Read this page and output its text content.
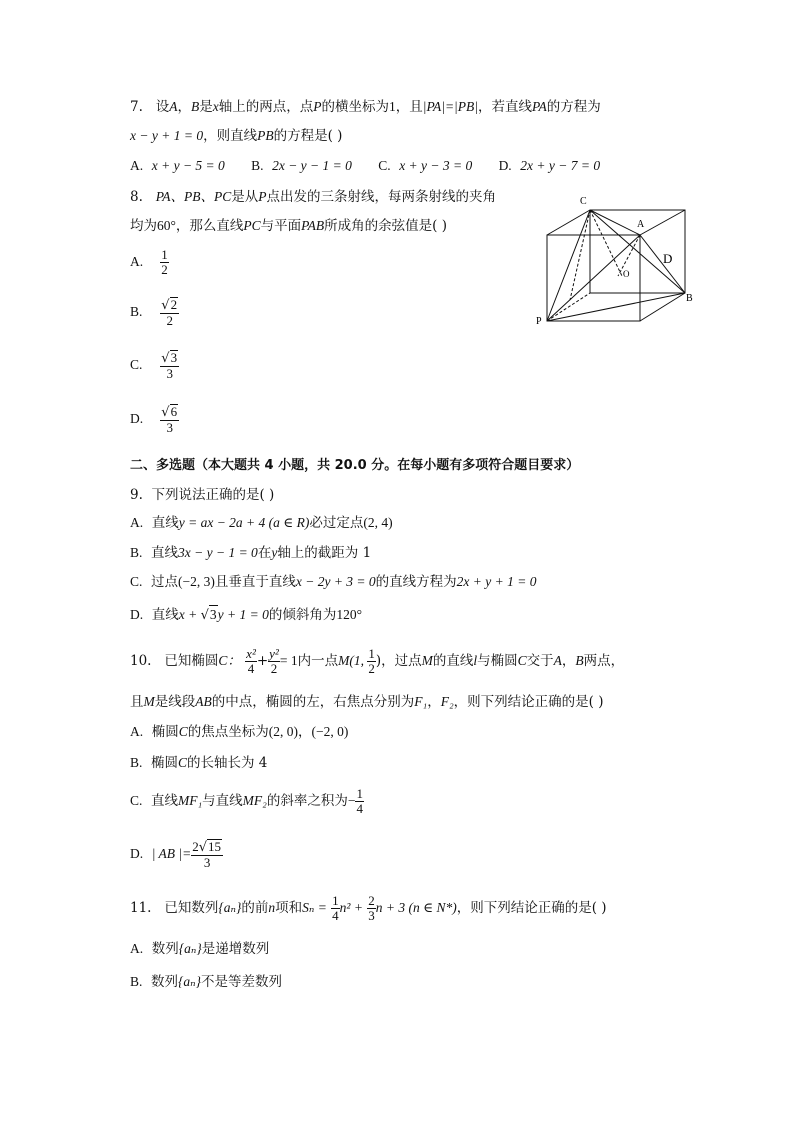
7. 设A，B是x轴上的两点，点P的横坐标为1，且|PA|=|PB|，若直线PA的方程为
x − y + 1 = 0，则直线PB的方程是( )
A. x + y − 5 = 0 B. 2x − y − 1 = 0 C. x + y − 3 = 0 D. 2x + y − 7 = 0
8. PA、PB、PC是从P点出发的三条射线，每两条射线的夹角
均为60°，那么直线PC与平面PAB所成角的余弦值是( )
A. $\frac{1}{2}$
B. $\frac{√2}{2}$
C. $\frac{√3}{3}$
D. $\frac{√6}{3}$
C
A
D
O
B
P
二、多选题（本大题共 4 小题，共 20.0 分。在每小题有多项符合题目要求）
9. 下列说法正确的是( )
A. 直线y = ax − 2a + 4 (a ∈ R)必过定点(2, 4)
B. 直线3x − y − 1 = 0在y轴上的截距为 1
C. 过点(−2, 3)且垂直于直线x − 2y + 3 = 0的直线方程为2x + y + 1 = 0
D. 直线x + √3y + 1 = 0的倾斜角为120°
10. 已知椭圆C： $\frac{\text{x²}}{4} + \frac{\text{y²}}{2} = 1$内一点M(1, $\frac{1}{2}$ )，过点M的直线l与椭圆C交于A，B两点，
且M是线段AB的中点，椭圆的左，右焦点分别为F₁，F₂，则下列结论正确的是( )
A. 椭圆C的焦点坐标为(2, 0)，(−2, 0)
B. 椭圆C的长轴长为 4
C. 直线MF₁与直线MF₂的斜率之积为− $\frac{1}{4}$
D. | AB |= $\frac{2√15}{3}$
11. 已知数列{aₙ}的前n项和$S_n = \frac{1}{4} n^2 + \frac{2}{3}$ n + 3 (n ∈ N*)，则下列结论正确的是( )
A. 数列{aₙ}是递增数列
B. 数列{aₙ}不是等差数列
